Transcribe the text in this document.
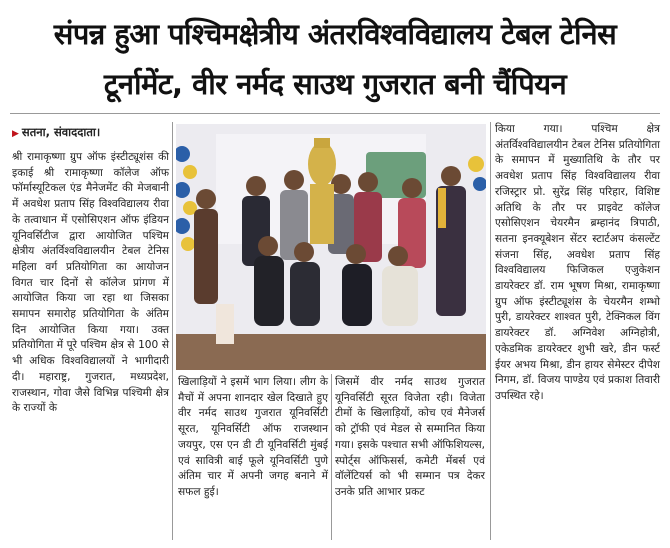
संपन्न हुआ पश्चिमक्षेत्रीय अंतरविश्वविद्यालय टेबल टेनिस
टूर्नामेंट, वीर नर्मद साउथ गुजरात बनी चैंपियन
▶ सतना, संवाददाता।
श्री रामाकृष्णा ग्रुप ऑफ इंस्टीट्यूशंस की इकाई श्री रामाकृष्णा कॉलेज ऑफ फॉर्मास्यूटिकल एंड मैनेजमेंट की मेजबानी में अवधेश प्रताप सिंह विश्वविद्यालय रीवा के तत्वाधान में एसोसिएशन ऑफ इंडियन यूनिवर्सिटीज द्वारा आयोजित पश्चिम क्षेत्रीय अंतर्विश्वविद्यालयीन टेबल टेनिस महिला वर्ग प्रतियोगिता का आयोजन विगत चार दिनों से कॉलेज प्रांगण में आयोजित किया जा रहा था जिसका समापन समारोह प्रतियोगिता के अंतिम दिन आयोजित किया गया। उक्त प्रतियोगिता में पूरे पश्चिम क्षेत्र से 100 से भी अधिक विश्वविद्यालयों ने भागीदारी दी। महाराष्ट्र, गुजरात, मध्यप्रदेश, राजस्थान, गोवा जैसे विभिन्न पश्चिमी क्षेत्र के राज्यों के
खिलाड़ियों ने इसमें भाग लिया। लीग के मैचों में अपना शानदार खेल दिखाते हुए वीर नर्मद साउथ गुजरात यूनिवर्सिटी सूरत, यूनिवर्सिटी ऑफ राजस्थान जयपुर, एस एन डी टी यूनिवर्सिटी मुंबई एवं सावित्री बाई फूले यूनिवर्सिटी पुणे अंतिम चार में अपनी जगह बनाने में सफल हुई।
जिसमें वीर नर्मद साउथ गुजरात यूनिवर्सिटी सूरत विजेता रही। विजेता टीमों के खिलाड़ियों, कोच एवं मैनेजर्स को ट्रॉफी एवं मेडल से सम्मानित किया गया। इसके पश्चात सभी ऑफिशियल्स, स्पोर्ट्स ऑफिसर्स, कमेटी मेंबर्स एवं वॉलेंटियर्स को भी सम्मान पत्र देकर उनके प्रति आभार प्रकट
किया गया। पश्चिम क्षेत्र अंतर्विश्वविद्यालयीन टेबल टेनिस प्रतियोगिता के समापन में मुख्यातिथि के तौर पर अवधेश प्रताप सिंह विश्वविद्यालय रीवा रजिस्ट्रार प्रो. सुरेंद्र सिंह परिहार, विशिष्ट अतिथि के तौर पर प्राइवेट कॉलेज एसोसिएशन चेयरमैन ब्रम्हानंद त्रिपाठी, सतना इनक्यूबेशन सेंटर स्टार्टअप कंसल्टेंट संजना सिंह, अवधेश प्रताप सिंह विश्वविद्यालय फिजिकल एजुकेशन डायरेक्टर डॉ. राम भूषण मिश्रा, रामाकृष्णा ग्रुप ऑफ इंस्टीट्यूशंस के चेयरमैन शम्भो पुरी, डायरेक्टर शाश्वत पुरी, टेक्निकल विंग डायरेक्टर डॉ. अग्निवेश अग्निहोत्री, एकेडमिक डायरेक्टर शुभी खरे, डीन फर्स्ट ईयर अभय मिश्रा, डीन हायर सेमेस्टर दीपेश निगम, डॉ. विजय पाण्डेय एवं प्रकाश तिवारी उपस्थित रहे।
